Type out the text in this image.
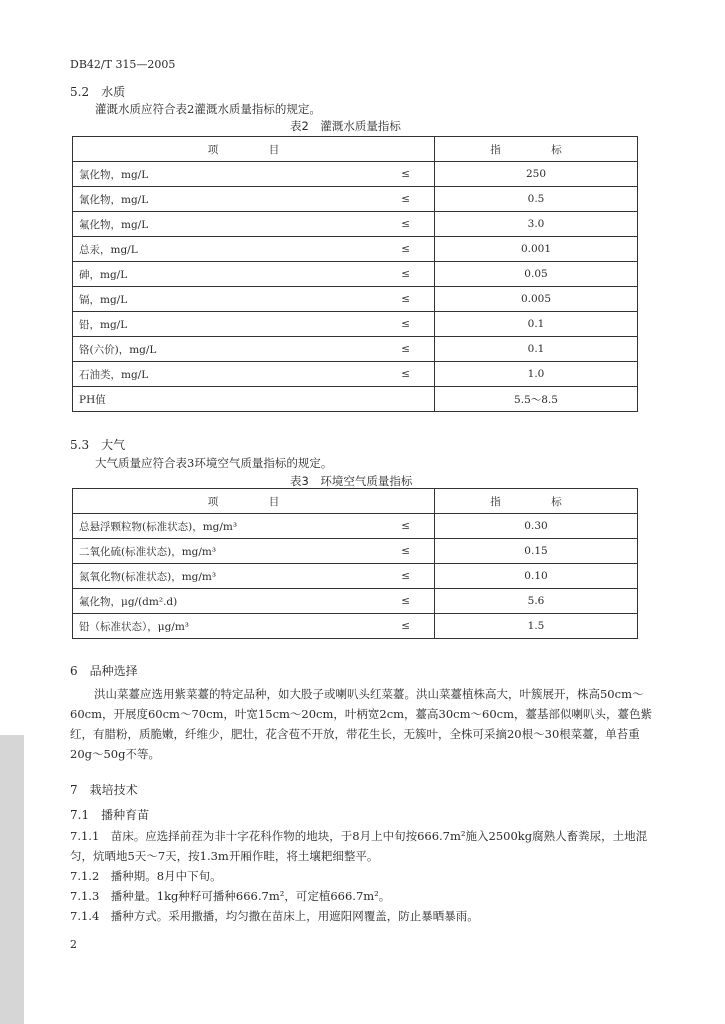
DB42/T 315—2005
5.2　水质
灌溉水质应符合表2灌溉水质量指标的规定。
表2　灌溉水质量指标
项　目		指　标
氯化物，mg/L	≤	250
氰化物，mg/L	≤	0.5
氟化物，mg/L	≤	3.0
总汞，mg/L	≤	0.001
砷，mg/L	≤	0.05
镉，mg/L	≤	0.005
铅，mg/L	≤	0.1
铬(六价)，mg/L	≤	0.1
石油类，mg/L	≤	1.0
PH值		5.5～8.5
5.3　大气
大气质量应符合表3环境空气质量指标的规定。
表3　环境空气质量指标
项　目		指　标
总悬浮颗粒物(标准状态)，mg/m³	≤	0.30
二氧化硫(标准状态)，mg/m³	≤	0.15
氮氧化物(标准状态)，mg/m³	≤	0.10
氟化物，μg/(dm².d)	≤	5.6
铅（标准状态），μg/m³	≤	1.5
6　品种选择
洪山菜薹应选用紫菜薹的特定品种，如大股子或喇叭头红菜薹。洪山菜薹植株高大，叶簇展开，株高50cm～60cm，开展度60cm～70cm，叶宽15cm～20cm，叶柄宽2cm，薹高30cm～60cm，薹基部似喇叭头，薹色紫红，有腊粉，质脆嫩，纤维少，肥壮，花含苞不开放，带花生长，无簇叶，全株可采摘20根～30根菜薹，单苔重20g～50g不等。
7　栽培技术
7.1　播种育苗
7.1.1　苗床。应选择前茬为非十字花科作物的地块，于8月上中旬按666.7m²施入2500kg腐熟人畜粪尿，土地混匀，炕晒地5天～7天，按1.3m开厢作畦，将土壤耙细整平。
7.1.2　播种期。8月中下旬。
7.1.3　播种量。1kg种籽可播种666.7m²，可定植666.7m²。
7.1.4　播种方式。采用撒播，均匀撒在苗床上，用遮阳网覆盖，防止暴晒暴雨。
2
